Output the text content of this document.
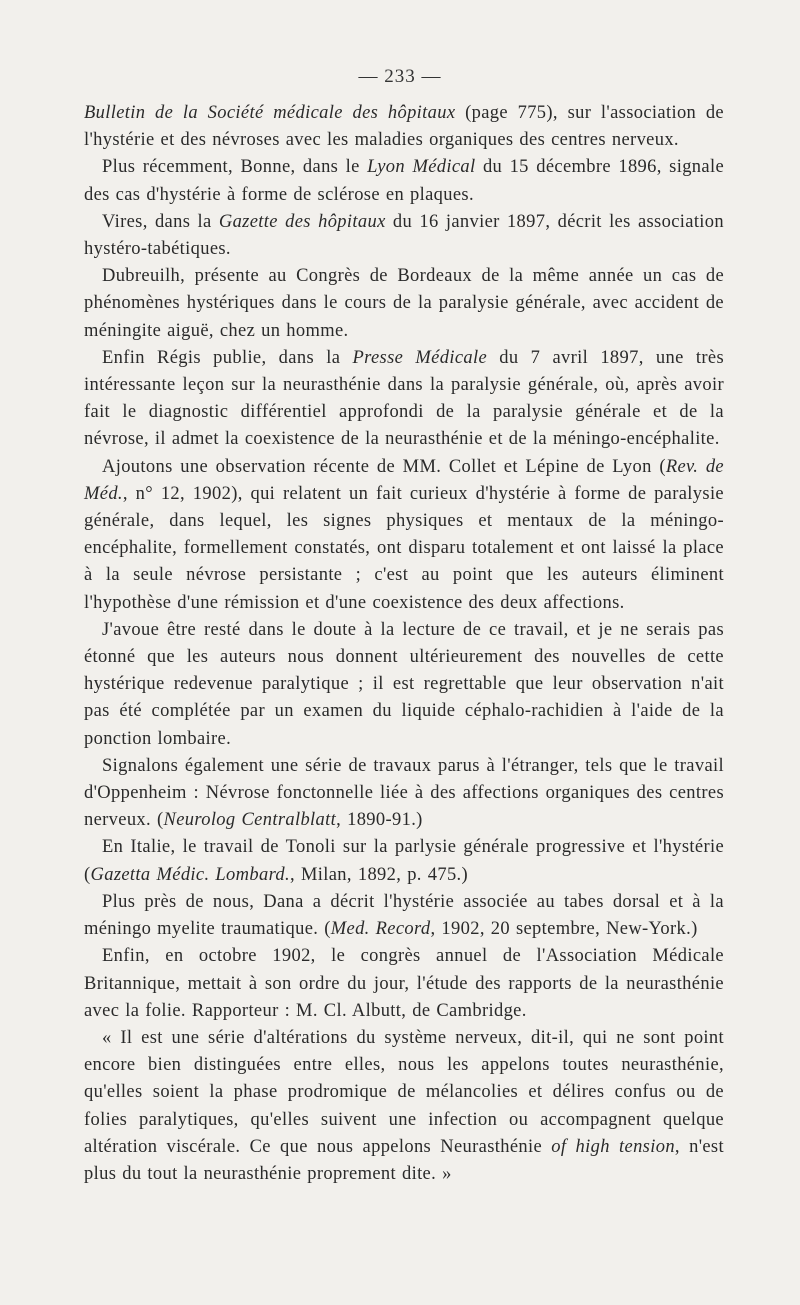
— 233 —

Bulletin de la Société médicale des hôpitaux (page 775), sur l'association de l'hystérie et des névroses avec les maladies organiques des centres nerveux.

Plus récemment, Bonne, dans le Lyon Médical du 15 décembre 1896, signale des cas d'hystérie à forme de sclérose en plaques.

Vires, dans la Gazette des hôpitaux du 16 janvier 1897, décrit les association hystéro-tabétiques.

Dubreuilh, présente au Congrès de Bordeaux de la même année un cas de phénomènes hystériques dans le cours de la paralysie générale, avec accident de méningite aiguë, chez un homme.

Enfin Régis publie, dans la Presse Médicale du 7 avril 1897, une très intéressante leçon sur la neurasthénie dans la paralysie générale, où, après avoir fait le diagnostic différentiel approfondi de la paralysie générale et de la névrose, il admet la coexistence de la neurasthénie et de la méningo-encéphalite.

Ajoutons une observation récente de MM. Collet et Lépine de Lyon (Rev. de Méd., n° 12, 1902), qui relatent un fait curieux d'hystérie à forme de paralysie générale, dans lequel, les signes physiques et mentaux de la méningo-encéphalite, formellement constatés, ont disparu totalement et ont laissé la place à la seule névrose persistante ; c'est au point que les auteurs éliminent l'hypothèse d'une rémission et d'une coexistence des deux affections.

J'avoue être resté dans le doute à la lecture de ce travail, et je ne serais pas étonné que les auteurs nous donnent ultérieurement des nouvelles de cette hystérique redevenue paralytique ; il est regrettable que leur observation n'ait pas été complétée par un examen du liquide céphalo-rachidien à l'aide de la ponction lombaire.

Signalons également une série de travaux parus à l'étranger, tels que le travail d'Oppenheim : Névrose fonctonnelle liée à des affections organiques des centres nerveux. (Neurolog Centralblatt, 1890-91.)

En Italie, le travail de Tonoli sur la parlysie générale progressive et l'hystérie (Gazetta Médic. Lombard., Milan, 1892, p. 475.)

Plus près de nous, Dana a décrit l'hystérie associée au tabes dorsal et à la méningo myelite traumatique. (Med. Record, 1902, 20 septembre, New-York.)

Enfin, en octobre 1902, le congrès annuel de l'Association Médicale Britannique, mettait à son ordre du jour, l'étude des rapports de la neurasthénie avec la folie. Rapporteur : M. Cl. Albutt, de Cambridge.

« Il est une série d'altérations du système nerveux, dit-il, qui ne sont point encore bien distinguées entre elles, nous les appelons toutes neurasthénie, qu'elles soient la phase prodromique de mélancolies et délires confus ou de folies paralytiques, qu'elles suivent une infection ou accompagnent quelque altération viscérale. Ce que nous appelons Neurasthénie of high tension, n'est plus du tout la neurasthénie proprement dite. »
